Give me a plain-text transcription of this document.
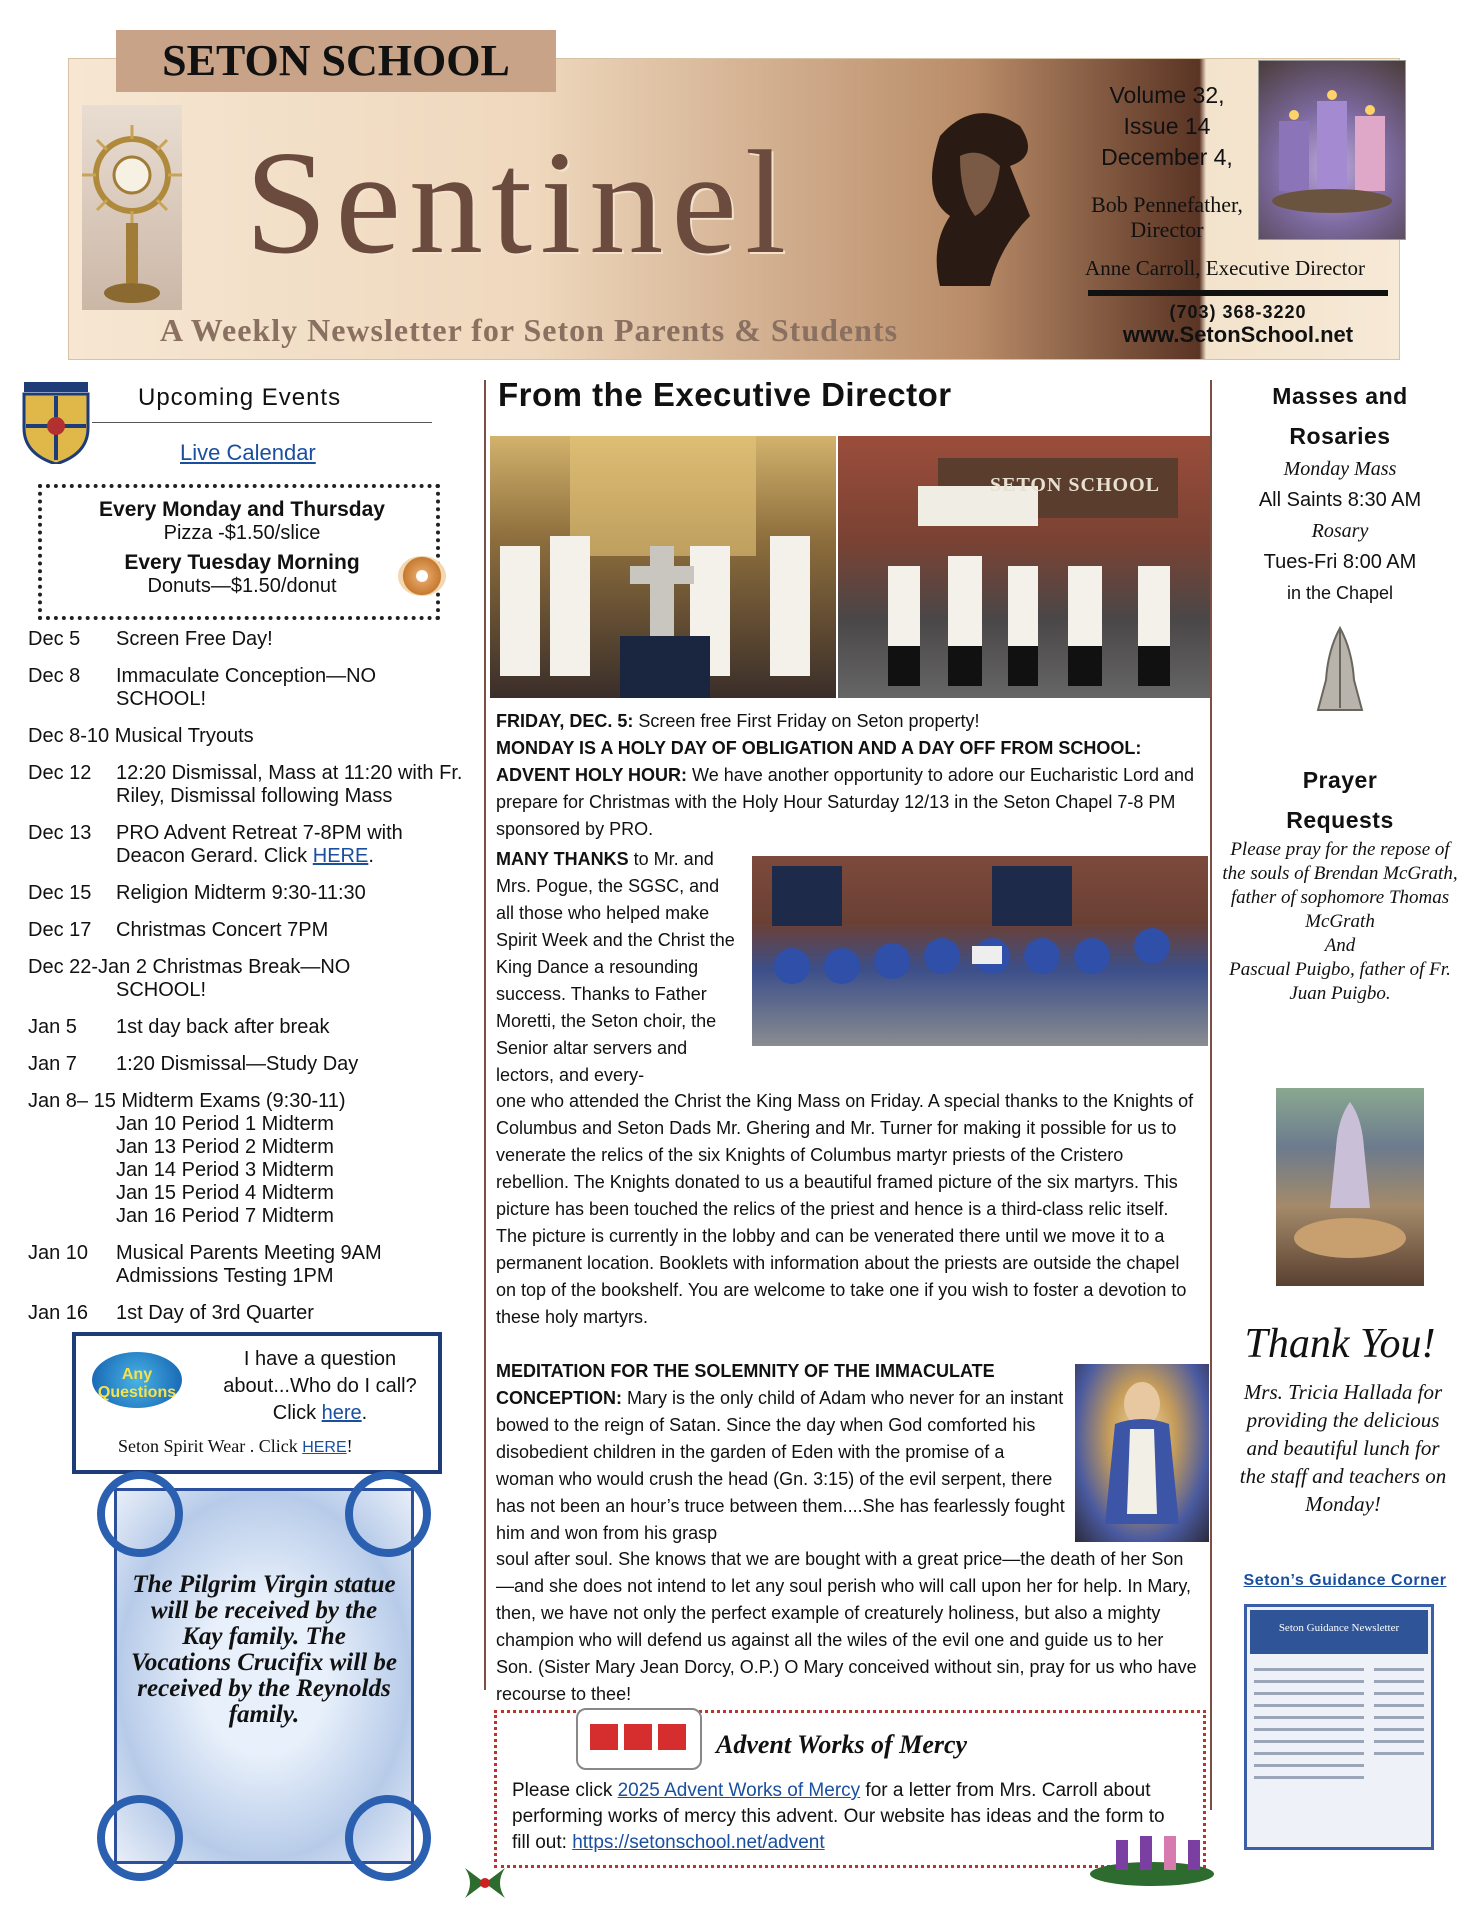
SETON SCHOOL
Sentinel
A Weekly Newsletter for Seton Parents & Students
Volume 32,
Issue 14
December 4,
Bob Pennefather,
Director
Anne Carroll, Executive Director
(703) 368-3220
www.SetonSchool.net
Upcoming Events
Live Calendar
Every Monday and Thursday
Pizza -$1.50/slice
Every Tuesday Morning
Donuts—$1.50/donut
Dec 5	Screen Free Day!
Dec 8	Immaculate Conception—NO SCHOOL!
Dec 8-10 Musical Tryouts
Dec 12	12:20 Dismissal, Mass at 11:20 with Fr. Riley, Dismissal following Mass
Dec 13	PRO Advent Retreat 7-8PM with Deacon Gerard. Click HERE.
Dec 15	Religion Midterm 9:30-11:30
Dec 17	Christmas Concert 7PM
Dec 22-Jan 2 Christmas Break—NO
SCHOOL!
Jan 5	1st day back after break
Jan 7	1:20 Dismissal—Study Day
Jan 8– 15 Midterm Exams (9:30-11)
Jan 10 Period 1 Midterm
Jan 13 Period 2 Midterm
Jan 14 Period 3 Midterm
Jan 15 Period 4 Midterm
Jan 16 Period 7 Midterm
Jan 10	Musical Parents Meeting 9AM Admissions Testing 1PM
Jan 16	1st Day of 3rd Quarter
Any Questions
I have a question about...Who do I call? Click here.
Seton Spirit Wear . Click HERE!
The Pilgrim Virgin statue will be received by the Kay family. The Vocations Crucifix will be received by the Reynolds family.
From the Executive Director
SETON SCHOOL
FRIDAY, DEC. 5: Screen free First Friday on Seton property!
MONDAY IS A HOLY DAY OF OBLIGATION AND A DAY OFF FROM SCHOOL:
ADVENT HOLY HOUR: We have another opportunity to adore our Eucharistic Lord and prepare for Christmas with the Holy Hour Saturday 12/13 in the Seton Chapel 7-8 PM sponsored by PRO.
MANY THANKS to Mr. and Mrs. Pogue, the SGSC, and all those who helped make Spirit Week and the Christ the King Dance a resounding success. Thanks to Father Moretti, the Seton choir, the Senior altar servers and lectors, and every-
one who attended the Christ the King Mass on Friday. A special thanks to the Knights of Columbus and Seton Dads Mr. Ghering and Mr. Turner for making it possible for us to venerate the relics of the six Knights of Columbus martyr priests of the Cristero rebellion. The Knights donated to us a beautiful framed picture of the six martyrs. This picture has been touched the relics of the priest and hence is a third-class relic itself. The picture is currently in the lobby and can be venerated there until we move it to a permanent location. Booklets with information about the priests are outside the chapel on top of the bookshelf. You are welcome to take one if you wish to foster a devotion to these holy martyrs.
MEDITATION FOR THE SOLEMNITY OF THE IMMACULATE CONCEPTION: Mary is the only child of Adam who never for an instant bowed to the reign of Satan. Since the day when God comforted his disobedient children in the garden of Eden with the promise of a woman who would crush the head (Gn. 3:15) of the evil serpent, there has not been an hour’s truce between them....She has fearlessly fought him and won from his grasp
soul after soul. She knows that we are bought with a great price—the death of her Son—and she does not intend to let any soul perish who will call upon her for help. In Mary, then, we have not only the perfect example of creaturely holiness, but also a mighty champion who will defend us against all the wiles of the evil one and guide us to her Son. (Sister Mary Jean Dorcy, O.P.) O Mary conceived without sin, pray for us who have recourse to thee!
Advent Works of Mercy
Please click 2025 Advent Works of Mercy for a letter from Mrs. Carroll about performing works of mercy this advent. Our website has ideas and the form to fill out: https://setonschool.net/advent
Masses and
Rosaries
Monday Mass
All Saints 8:30 AM
Rosary
Tues-Fri 8:00 AM
in the Chapel
Prayer
Requests
Please pray for the repose of the souls of Brendan McGrath, father of sophomore Thomas McGrath
And
Pascual Puigbo, father of Fr. Juan Puigbo.
Thank You!
Mrs. Tricia Hallada for providing the delicious and beautiful lunch for the staff and teachers on Monday!
Seton’s Guidance Corner
Seton Guidance Newsletter
